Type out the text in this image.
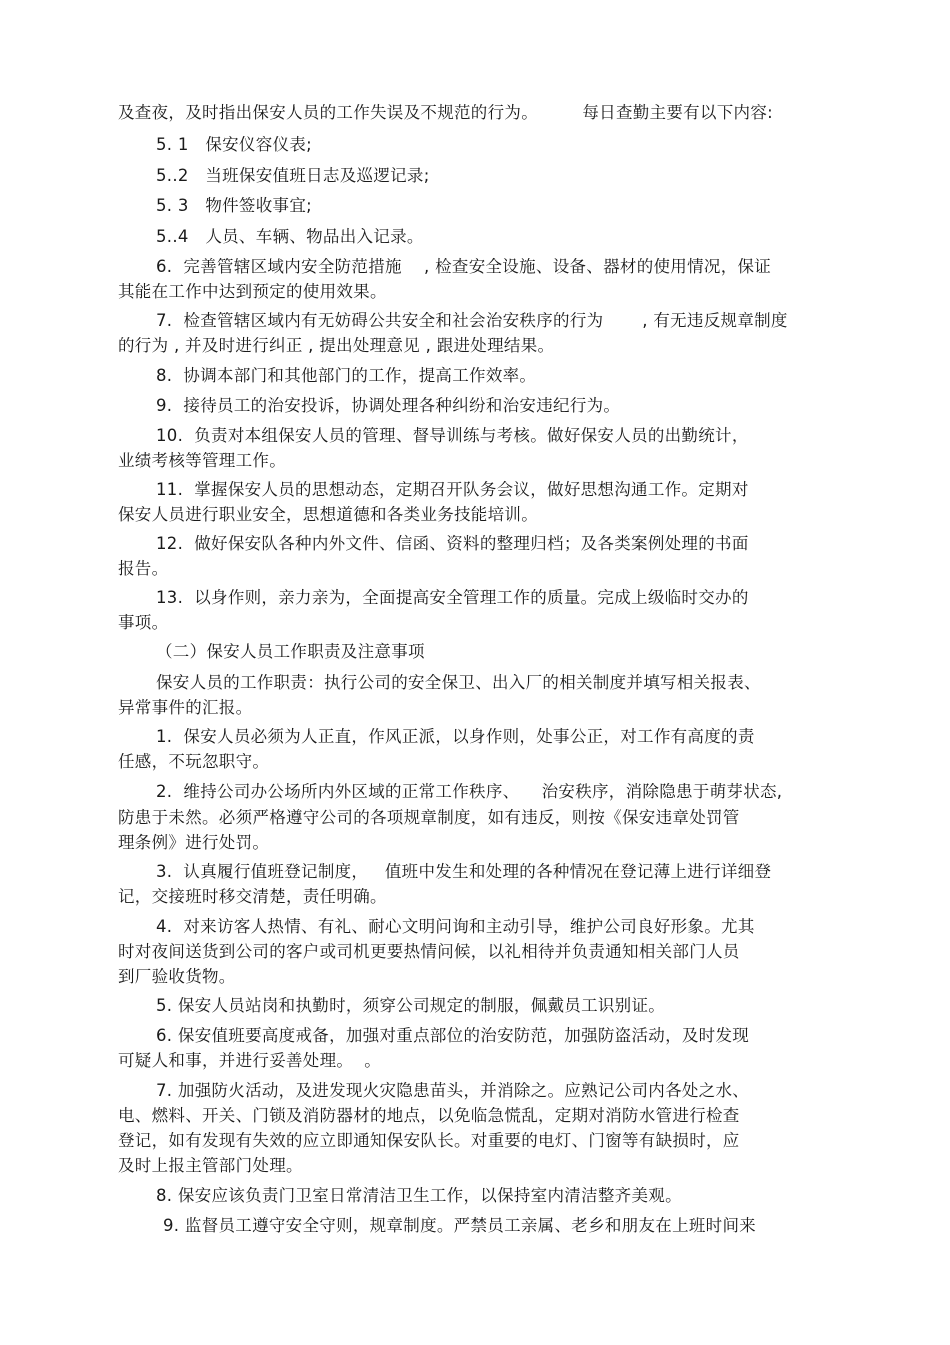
及查夜，及时指出保安人员的工作失误及不规范的行为。        每日查勤主要有以下内容:
5. 1   保安仪容仪表;
5..2   当班保安值班日志及巡逻记录;
5. 3   物件签收事宜;
5..4   人员、车辆、物品出入记录。
6.  完善管辖区域内安全防范措施    , 检查安全设施、设备、器材的使用情况，保证
其能在工作中达到预定的使用效果。
7.  检查管辖区域内有无妨碍公共安全和社会治安秩序的行为       , 有无违反规章制度
的行为 , 并及时进行纠正 , 提出处理意见 , 跟进处理结果。
8.  协调本部门和其他部门的工作，提高工作效率。
9.  接待员工的治安投诉，协调处理各种纠纷和治安违纪行为。
10.  负责对本组保安人员的管理、督导训练与考核。做好保安人员的出勤统计，
业绩考核等管理工作。
11.  掌握保安人员的思想动态，定期召开队务会议，做好思想沟通工作。定期对
保安人员进行职业安全，思想道德和各类业务技能培训。
12.  做好保安队各种内外文件、信函、资料的整理归档；及各类案例处理的书面
报告。
13.  以身作则，亲力亲为，全面提高安全管理工作的质量。完成上级临时交办的
事项。
（二）保安人员工作职责及注意事项
保安人员的工作职责：执行公司的安全保卫、出入厂的相关制度并填写相关报表、
异常事件的汇报。
1.  保安人员必须为人正直，作风正派，以身作则，处事公正，对工作有高度的责
任感，不玩忽职守。
2.  维持公司办公场所内外区域的正常工作秩序、    治安秩序，消除隐患于萌芽状态,
防患于未然。必须严格遵守公司的各项规章制度，如有违反，则按《保安违章处罚管
理条例》进行处罚。
3.  认真履行值班登记制度，   值班中发生和处理的各种情况在登记薄上进行详细登
记，交接班时移交清楚，责任明确。
4.  对来访客人热情、有礼、耐心文明问询和主动引导，维护公司良好形象。尤其
时对夜间送货到公司的客户或司机更要热情问候，以礼相待并负责通知相关部门人员
到厂验收货物。
5. 保安人员站岗和执勤时，须穿公司规定的制服，佩戴员工识别证。
6. 保安值班要高度戒备，加强对重点部位的治安防范，加强防盗活动，及时发现
可疑人和事，并进行妥善处理。  。
7. 加强防火活动，及进发现火灾隐患苗头，并消除之。应熟记公司内各处之水、
电、燃料、开关、门锁及消防器材的地点，以免临急慌乱，定期对消防水管进行检查
登记，如有发现有失效的应立即通知保安队长。对重要的电灯、门窗等有缺损时，应
及时上报主管部门处理。
8. 保安应该负责门卫室日常清洁卫生工作，以保持室内清洁整齐美观。
9. 监督员工遵守安全守则，规章制度。严禁员工亲属、老乡和朋友在上班时间来
